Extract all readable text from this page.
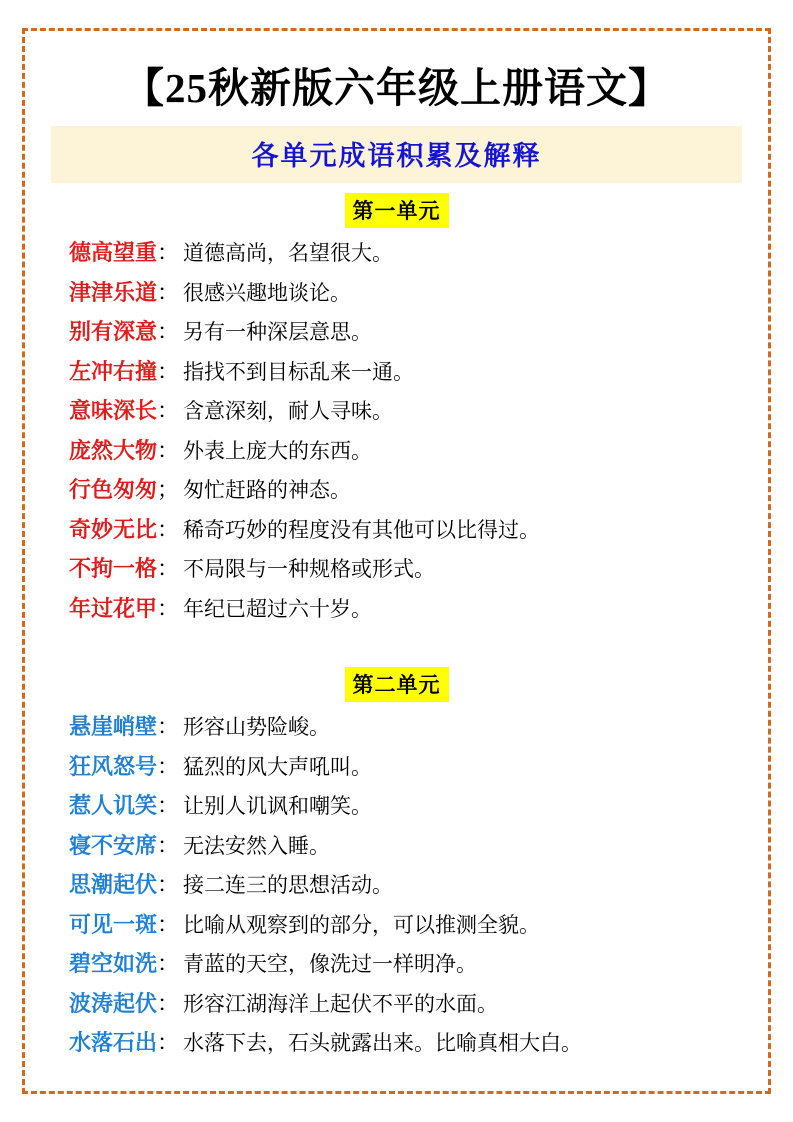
【25秋新版六年级上册语文】
各单元成语积累及解释
第一单元
德高望重 ： 道德高尚，名望很大。
津津乐道 ： 很感兴趣地谈论。
别有深意 ： 另有一种深层意思。
左冲右撞 ： 指找不到目标乱来一通。
意味深长 ： 含意深刻，耐人寻味。
庞然大物 ： 外表上庞大的东西。
行色匆匆 ； 匆忙赶路的神态。
奇妙无比 ： 稀奇巧妙的程度没有其他可以比得过。
不拘一格 ： 不局限与一种规格或形式。
年过花甲 ： 年纪已超过六十岁。
第二单元
悬崖峭壁 ： 形容山势险峻。
狂风怒号 ： 猛烈的风大声吼叫。
惹人讥笑 ： 让别人讥讽和嘲笑。
寝不安席 ： 无法安然入睡。
思潮起伏 ： 接二连三的思想活动。
可见一斑 ： 比喻从观察到的部分，可以推测全貌。
碧空如洗 ： 青蓝的天空，像洗过一样明净。
波涛起伏 ： 形容江湖海洋上起伏不平的水面。
水落石出 ： 水落下去，石头就露出来。比喻真相大白。
